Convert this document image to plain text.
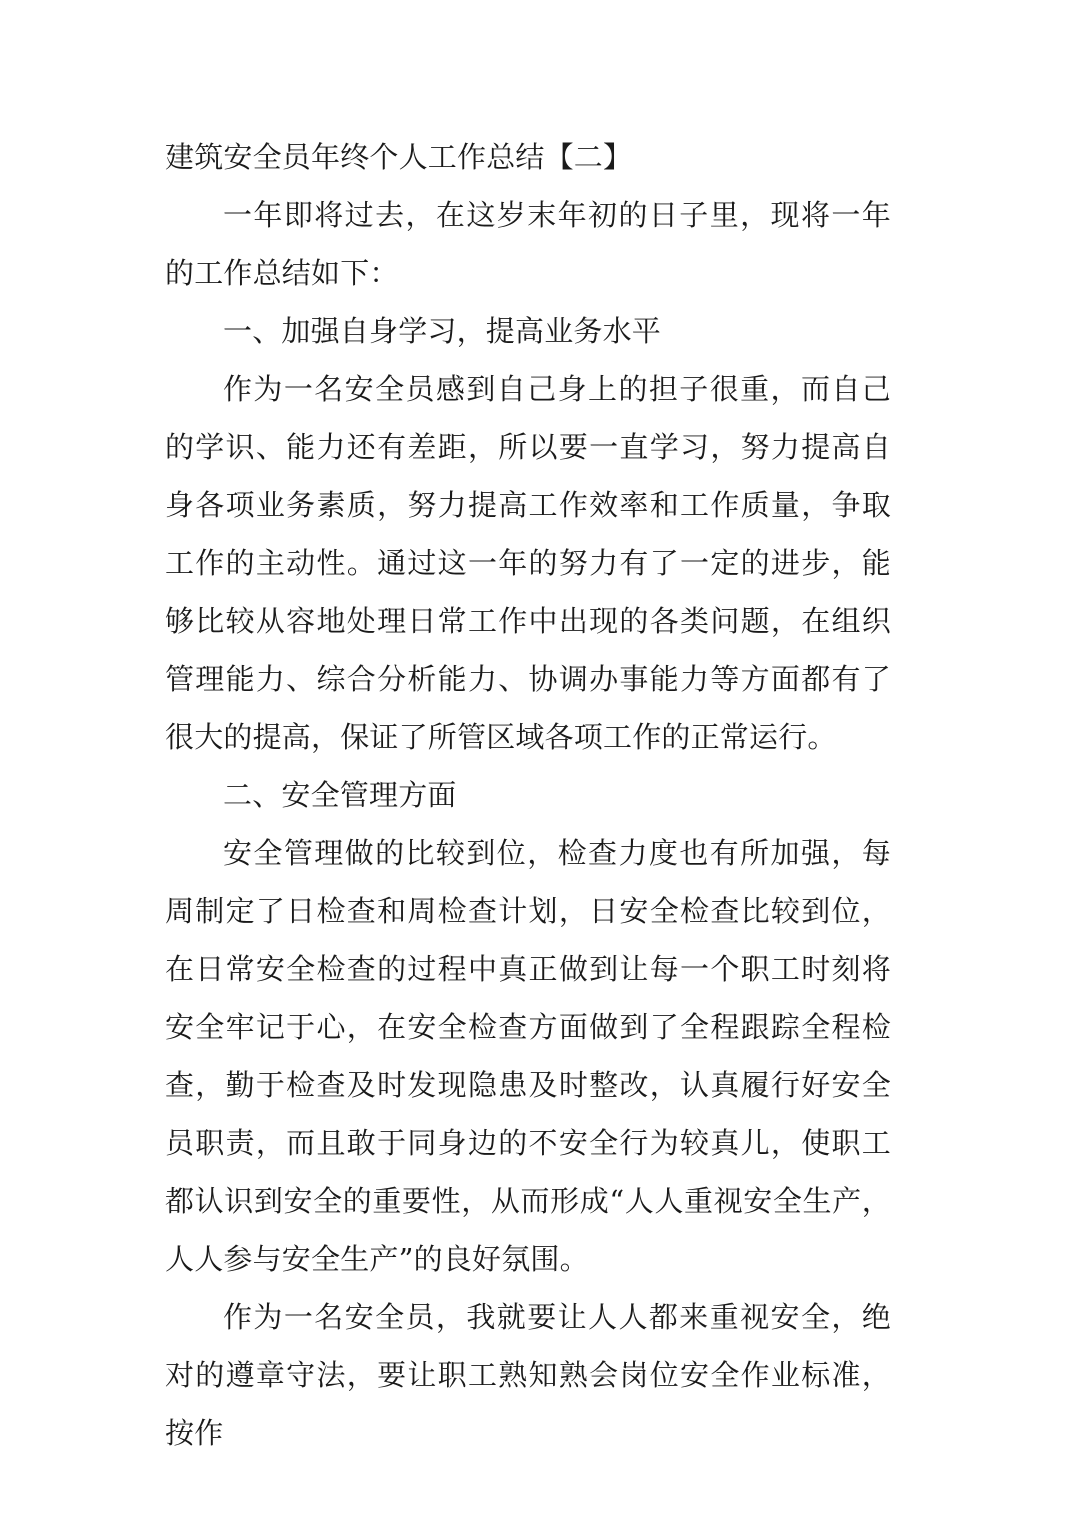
建筑安全员年终个人工作总结【二】

一年即将过去，在这岁末年初的日子里，现将一年的工作总结如下：

一、加强自身学习，提高业务水平

作为一名安全员感到自己身上的担子很重，而自己的学识、能力还有差距，所以要一直学习，努力提高自身各项业务素质，努力提高工作效率和工作质量，争取工作的主动性。通过这一年的努力有了一定的进步，能够比较从容地处理日常工作中出现的各类问题，在组织管理能力、综合分析能力、协调办事能力等方面都有了很大的提高，保证了所管区域各项工作的正常运行。

二、安全管理方面

安全管理做的比较到位，检查力度也有所加强，每周制定了日检查和周检查计划，日安全检查比较到位，在日常安全检查的过程中真正做到让每一个职工时刻将安全牢记于心，在安全检查方面做到了全程跟踪全程检查，勤于检查及时发现隐患及时整改，认真履行好安全员职责，而且敢于同身边的不安全行为较真儿，使职工都认识到安全的重要性，从而形成“人人重视安全生产，人人参与安全生产”的良好氛围。

作为一名安全员，我就要让人人都来重视安全，绝对的遵章守法，要让职工熟知熟会岗位安全作业标准，按作
